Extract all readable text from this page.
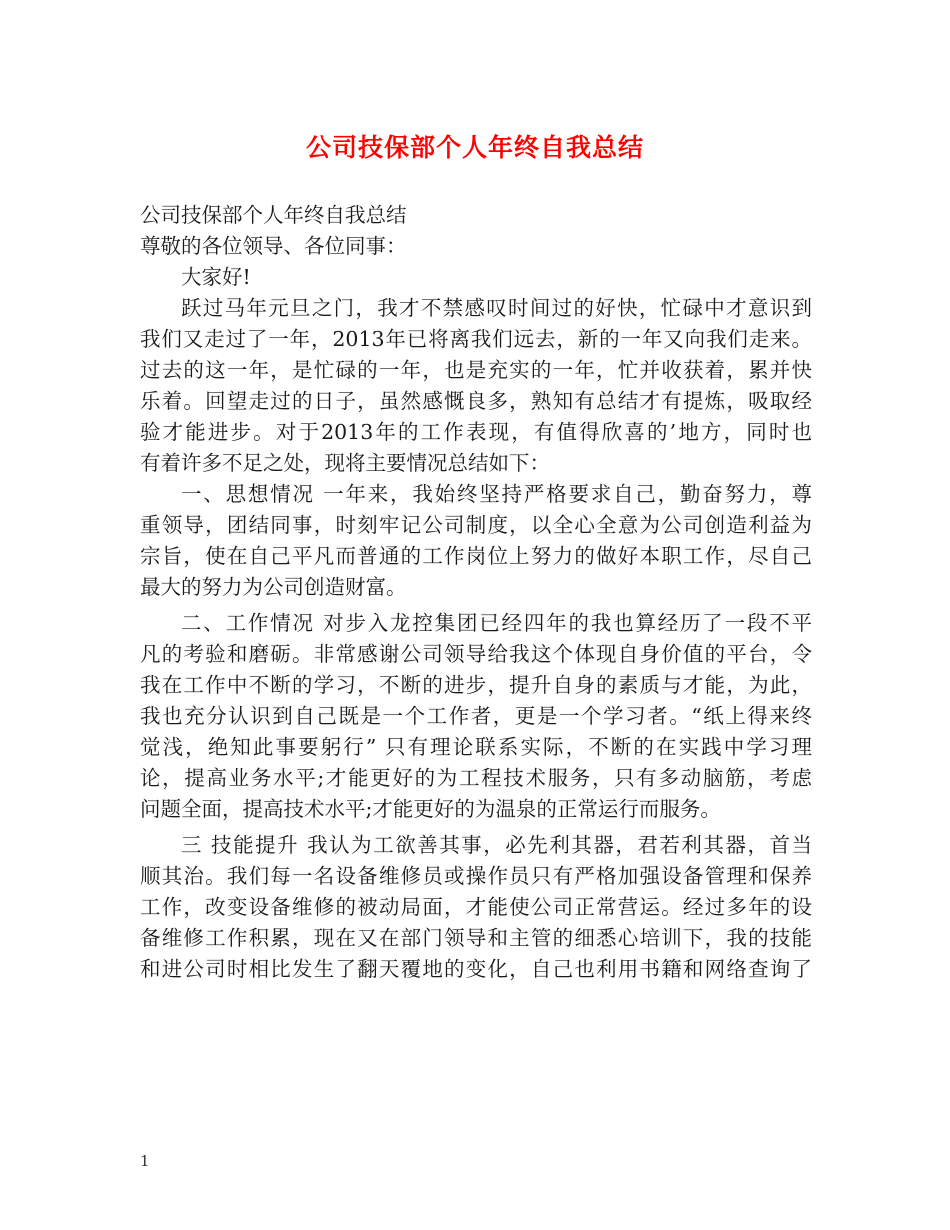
公司技保部个人年终自我总结
公司技保部个人年终自我总结
尊敬的各位领导、各位同事：
大家好!
跃过马年元旦之门，我才不禁感叹时间过的好快，忙碌中才意识到
我们又走过了一年，2013年已将离我们远去，新的一年又向我们走来。
过去的这一年，是忙碌的一年，也是充实的一年，忙并收获着，累并快
乐着。回望走过的日子，虽然感慨良多，熟知有总结才有提炼，吸取经
验才能进步。对于2013年的工作表现，有值得欣喜的’地方，同时也
有着许多不足之处，现将主要情况总结如下：
一、思想情况 一年来，我始终坚持严格要求自己，勤奋努力，尊
重领导，团结同事，时刻牢记公司制度，以全心全意为公司创造利益为
宗旨，使在自己平凡而普通的工作岗位上努力的做好本职工作，尽自己
最大的努力为公司创造财富。
二、工作情况 对步入龙控集团已经四年的我也算经历了一段不平
凡的考验和磨砺。非常感谢公司领导给我这个体现自身价值的平台，令
我在工作中不断的学习，不断的进步，提升自身的素质与才能，为此，
我也充分认识到自己既是一个工作者，更是一个学习者。“纸上得来终
觉浅，绝知此事要躬行” 只有理论联系实际，不断的在实践中学习理
论，提高业务水平;才能更好的为工程技术服务，只有多动脑筋，考虑
问题全面，提高技术水平;才能更好的为温泉的正常运行而服务。
三 技能提升 我认为工欲善其事，必先利其器，君若利其器，首当
顺其治。我们每一名设备维修员或操作员只有严格加强设备管理和保养
工作，改变设备维修的被动局面，才能使公司正常营运。经过多年的设
备维修工作积累，现在又在部门领导和主管的细悉心培训下，我的技能
和进公司时相比发生了翻天覆地的变化，自己也利用书籍和网络查询了
1
